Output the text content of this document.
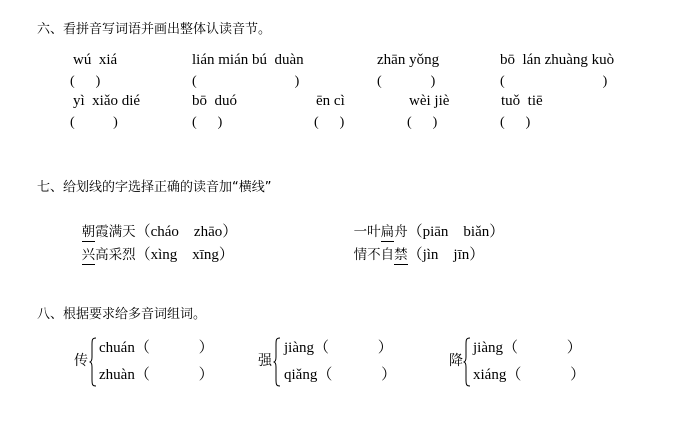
六、看拼音写词语并画出整体认读音节。
wú  xiá	lián mián bú  duàn	zhān yǒng	bō  lán zhuàng kuò
(      )	(                            )	(              )	(                            )
yì  xiǎo dié	bō  duó	ēn cì	wèi jiè	tuǒ  tiē
(           )	(      )	(      )	(      )	(      )
七、给划线的字选择正确的读音加“横线”

朝霞满天（cháo    zhāo）	一叶扁舟（piān    biǎn）

兴高采烈（xìng    xīng）	情不自禁（jìn    jīn）

八、根据要求给多音词组词。
传
chuán（             ）
zhuàn（             ）
强
jiàng（             ）
qiǎng（             ）
降
jiàng（             ）
xiáng（             ）
